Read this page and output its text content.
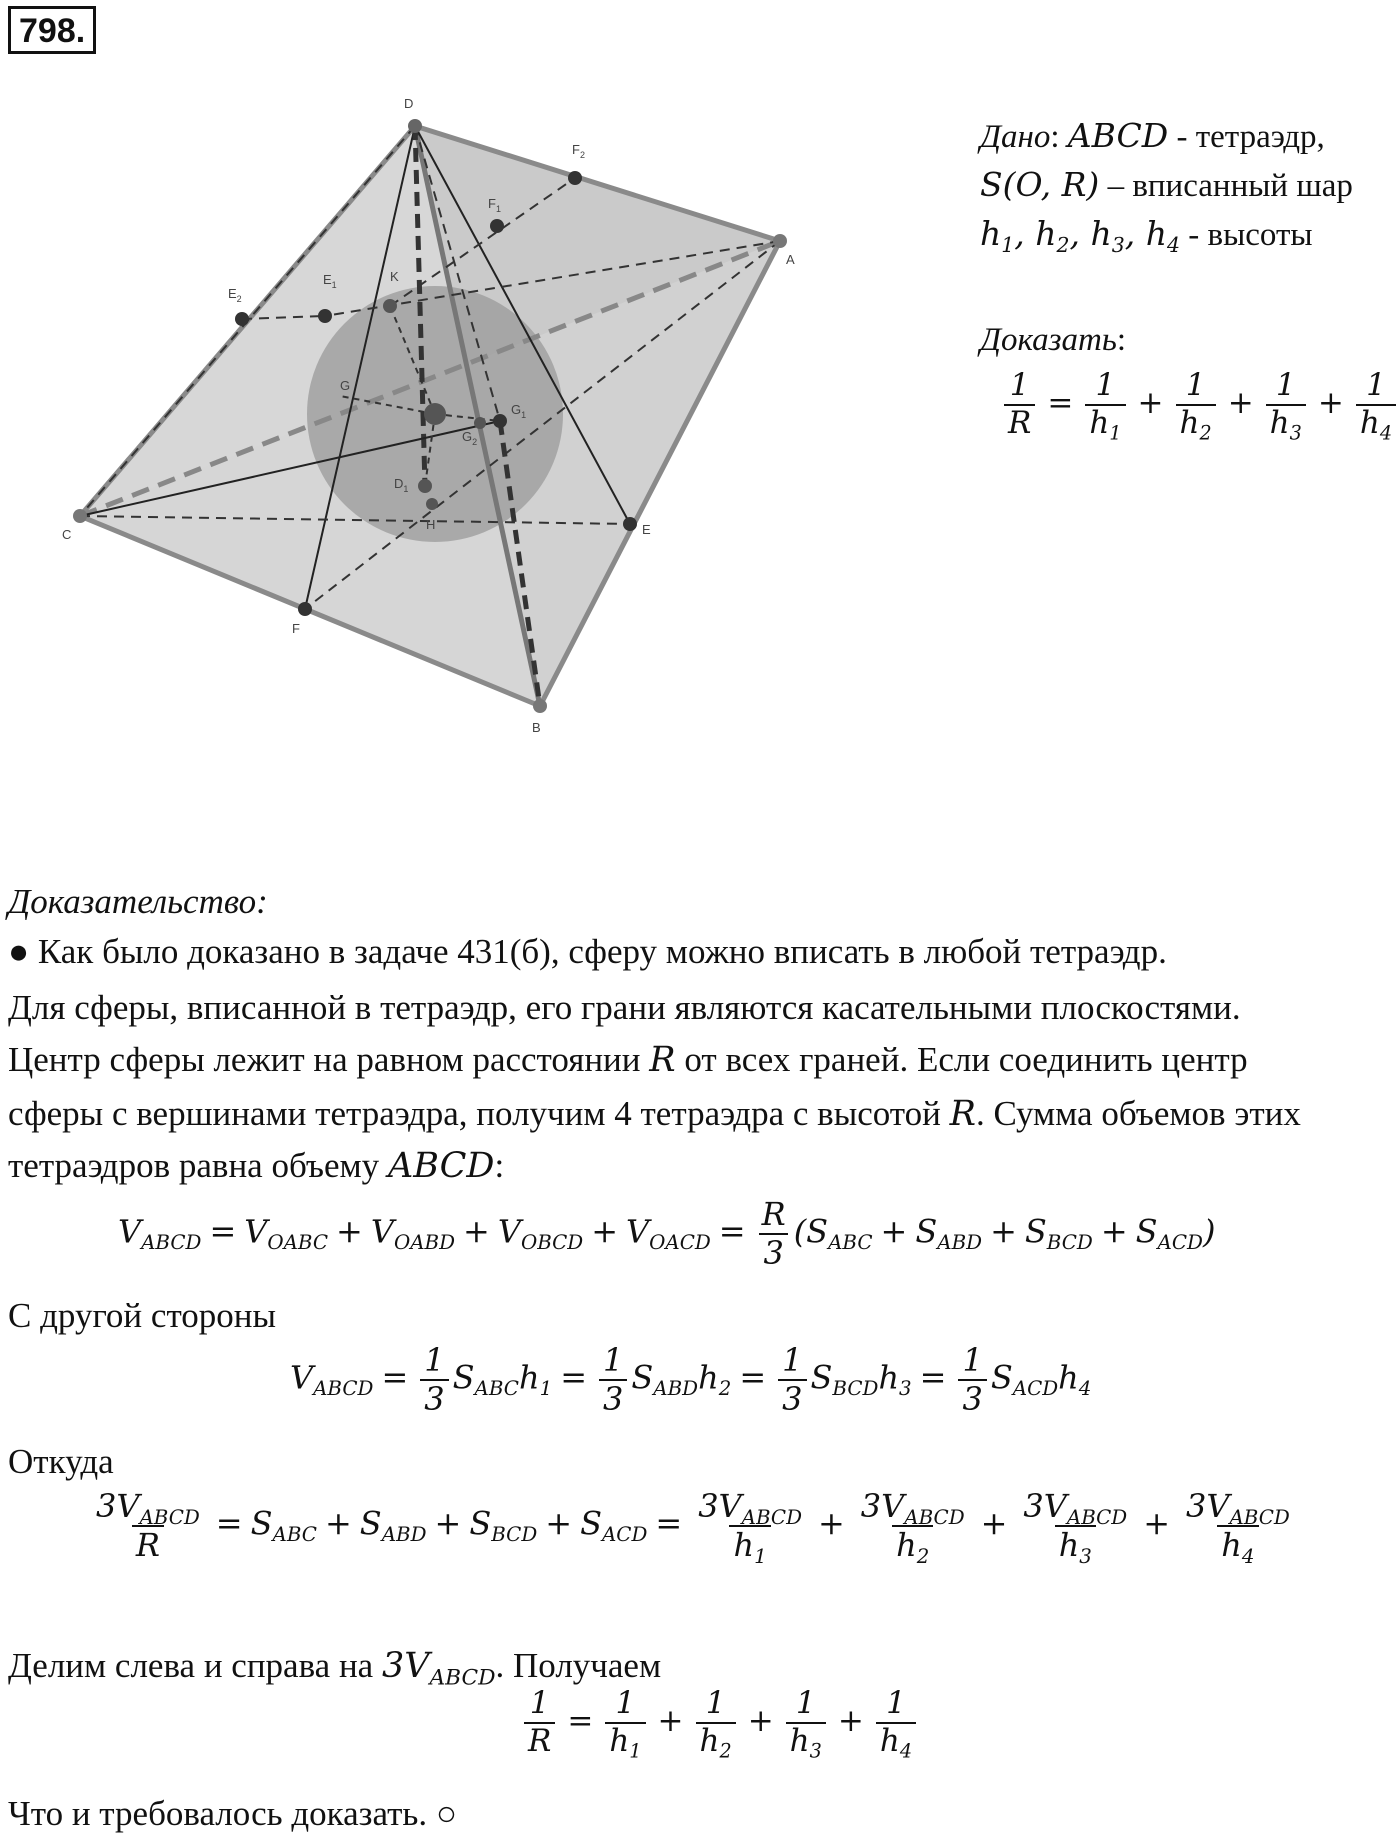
798.
D
A
B
C	E
F
$F_2$
$F_1$
$E_2$
$E_1$
K
G
$G_1$
$G_2$
$D_1$
H
Дано: ABCD - тетраэдр,
S(O, R) – вписанный шар
$h_1$, $h_2$, $h_3$, $h_4$ - высоты
Доказать:
$\frac{1}{R} = \frac{1}{h_1} + \frac{1}{h_2} + \frac{1}{h_3} + \frac{1}{h_4}$
Доказательство:
● Как было доказано в задаче 431(б), сферу можно вписать в любой тетраэдр.
Для сферы, вписанной в тетраэдр, его грани являются касательными плоскостями.
Центр сферы лежит на равном расстоянии R от всех граней. Если соединить центр
сферы с вершинами тетраэдра, получим 4 тетраэдра с высотой R. Сумма объемов этих
тетраэдров равна объему ABCD:
$V_{ABCD} = V_{OABC} + V_{OABD} + V_{OBCD} + V_{OACD} = \frac{R}{3} (S_{ABC} + S_{ABD} + S_{BCD} + S_{ACD})$
С другой стороны
$V_{ABCD} = \frac{1}{3} S_{ABC}h_1 = \frac{1}{3} S_{ABD}h_2 = \frac{1}{3} S_{BCD}h_3 = \frac{1}{3} S_{ACD}h_4$
Откуда
$\frac{3V_{ABCD}}{R} = S_{ABC} + S_{ABD} + S_{BCD} + S_{ACD} = \frac{3V_{ABCD}}{h_1} + \frac{3V_{ABCD}}{h_2} + \frac{3V_{ABCD}}{h_3} + \frac{3V_{ABCD}}{h_4}$
Делим слева и справа на $3V_{ABCD}$. Получаем
$\frac{1}{R} = \frac{1}{h_1} + \frac{1}{h_2} + \frac{1}{h_3} + \frac{1}{h_4}$
Что и требовалось доказать. ○
